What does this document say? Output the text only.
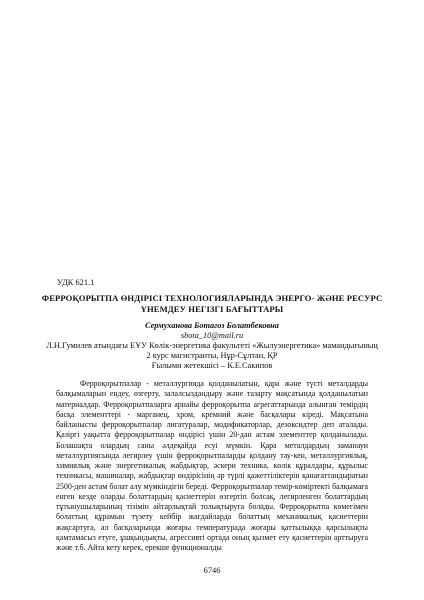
УДК 621.1
ФЕРРОҚОРЫТПА ӨНДІРІСІ ТЕХНОЛОГИЯЛАРЫНДА ЭНЕРГО- ЖӘНЕ РЕСУРС
ҮНЕМДЕУ НЕГІЗГІ БАҒЫТТАРЫ
Сермуханова Ботагоз Болатбековна
sbota_10@mail.ru
Л.Н.Гумилев атындағы ЕҰУ Көлік-энергетика факультеті «Жылуэнергетика» мамандығының
2 курс магистранты, Нұр-Сұлтан, ҚР
Ғылыми жетекшісі – К.Е.Сакипов

Ферроқорытпалар - металлургияда қолданылатын, қара және түсті металдарды балқымаларын ендеу, өзгерту, залалсыздандыру және тазарту мақсатында қолданылатын материалдар. Ферроқорытпаларға арнайы ферроқорытпа агрегаттарында алынған темірдің басқа элементтері - марганец, хром, кремний және басқалары кіреді. Мақсатына байланысты ферроқорытпалар лигатуралар, модификаторлар, дезоксидтер деп аталады. Қазіргі уақытта ферроқорытпалар өндірісі үшін 20-дан астам элементтер қолданылады. Болашақта олардың саны әлдеқайда есуі мүмкін. Қара металдардың заманауи металлургиясында легирлеу үшін ферроқорытпаларды қолдану тау-кен, металлургиялық, химиялық және энергетикалық жабдықтар, әскери техника, көлік құралдары, құрылыс техникасы, машиналар, жабдықтар өндірісінің әр түрлі қажеттіліктерін қанағаттандыратын 2500-ден астам болат алу мүмкіндігін береді. Ферроқорытпалар темір-көміртекті балқымаға енген кезде оларды болаттардың қасиеттерін өзгертіп болсақ, легирленген болаттардың тұтынушыларының тізімін айтарлықтай толықтыруға болады. Ферроқорытпа көмегімен болаттың құрамын түзету кейбір жағдайларда болаттың механикалық қасиеттерін жақсартуға, ал басқаларында жоғары температурада жоғары қаттылыққа қарсылықты қамтамасыз етуге, ұшқындықты, агрессивті ортада оның қызмет ету қасиеттерін арттыруға және т.б. Айта кету керек, ерекше функционалды

6746
